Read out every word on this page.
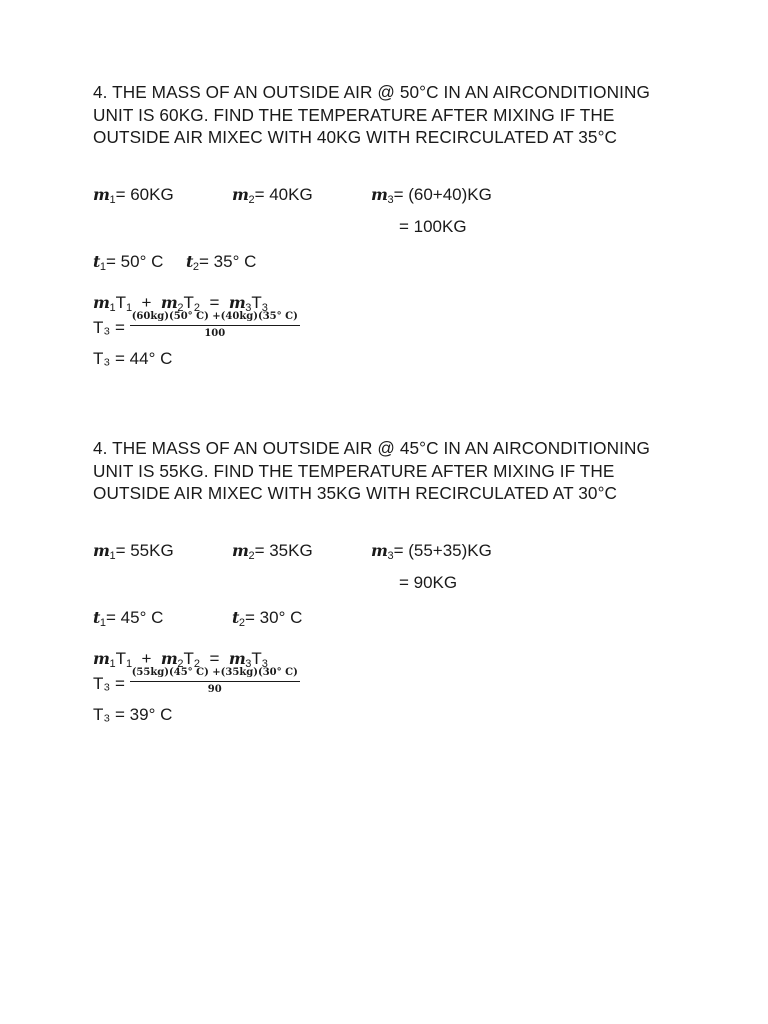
4. THE MASS OF AN OUTSIDE AIR @ 50°C IN AN AIRCONDITIONING UNIT IS 60KG. FIND THE TEMPERATURE AFTER MIXING IF THE OUTSIDE AIR MIXEC WITH 40KG WITH RECIRCULATED AT 35°C

m1= 60KG	m2= 40KG	m3= (60+40)KG
= 100KG
t1= 50° C t2= 35° C
m1T1 + m2T2 = m3T3
$T_3 = \frac{(60kg)(50^\circ C) +(40kg)(35^\circ C)}{100}$
T₃ = 44° C

4. THE MASS OF AN OUTSIDE AIR @ 45°C IN AN AIRCONDITIONING UNIT IS 55KG. FIND THE TEMPERATURE AFTER MIXING IF THE OUTSIDE AIR MIXEC WITH 35KG WITH RECIRCULATED AT 30°C

m1= 55KG	m2= 35KG	m3= (55+35)KG
= 90KG
t1= 45° C	t2= 30° C
m1T1 + m2T2 = m3T3
$T_3 = \frac{(55kg)(45^\circ C) +(35kg)(30^\circ C)}{90}$
T₃ = 39° C
